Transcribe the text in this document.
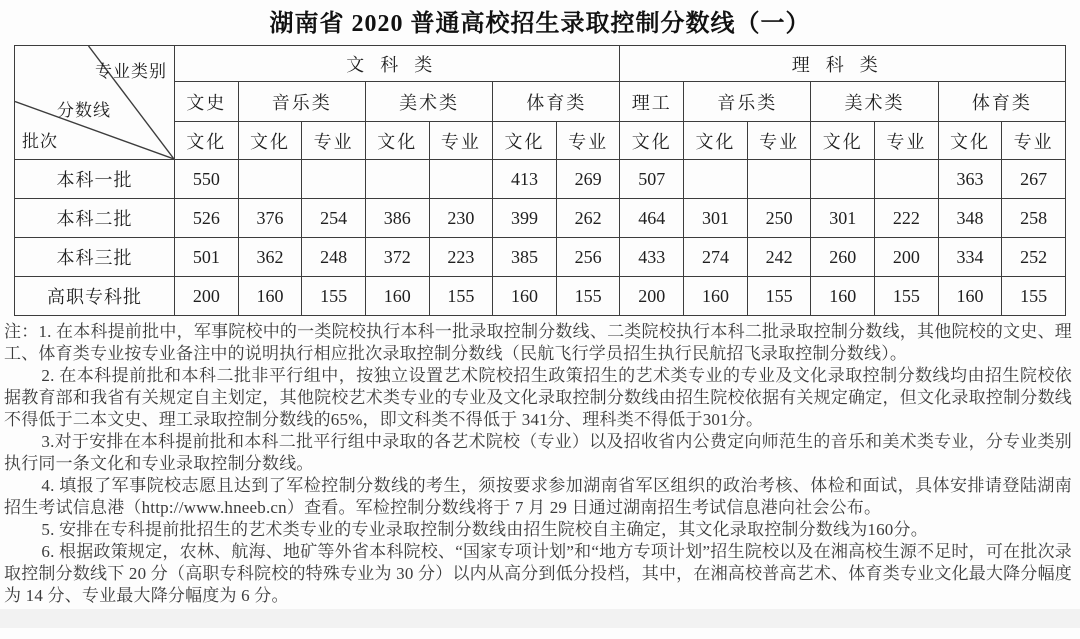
湖南省 2020 普通高校招生录取控制分数线（一）
专业类别
分数线
批次	文科类							理科类						
	文史	音乐类		美术类		体育类		理工	音乐类		美术类		体育类	
	文化	文化	专业	文化	专业	文化	专业	文化	文化	专业	文化	专业	文化	专业
本科一批	550					413	269	507					363	267
本科二批	526	376	254	386	230	399	262	464	301	250	301	222	348	258
本科三批	501	362	248	372	223	385	256	433	274	242	260	200	334	252
高职专科批	200	160	155	160	155	160	155	200	160	155	160	155	160	155

注：1. 在本科提前批中，军事院校中的一类院校执行本科一批录取控制分数线、二类院校执行本科二批录取控制分数线，其他院校的文史、理工、体育类专业按专业备注中的说明执行相应批次录取控制分数线（民航飞行学员招生执行民航招飞录取控制分数线）。

2. 在本科提前批和本科二批非平行组中，按独立设置艺术院校招生政策招生的艺术类专业的专业及文化录取控制分数线均由招生院校依据教育部和我省有关规定自主划定，其他院校艺术类专业的专业及文化录取控制分数线由招生院校依据有关规定确定，但文化录取控制分数线不得低于二本文史、理工录取控制分数线的65%，即文科类不得低于 341分、理科类不得低于301分。

3.对于安排在本科提前批和本科二批平行组中录取的各艺术院校（专业）以及招收省内公费定向师范生的音乐和美术类专业，分专业类别执行同一条文化和专业录取控制分数线。

4. 填报了军事院校志愿且达到了军检控制分数线的考生，须按要求参加湖南省军区组织的政治考核、体检和面试，具体安排请登陆湖南招生考试信息港（http://www.hneeb.cn）查看。军检控制分数线将于 7 月 29 日通过湖南招生考试信息港向社会公布。

5. 安排在专科提前批招生的艺术类专业的专业录取控制分数线由招生院校自主确定，其文化录取控制分数线为160分。

6. 根据政策规定，农林、航海、地矿等外省本科院校、“国家专项计划”和“地方专项计划”招生院校以及在湘高校生源不足时，可在批次录取控制分数线下 20 分（高职专科院校的特殊专业为 30 分）以内从高分到低分投档，其中，在湘高校普高艺术、体育类专业文化最大降分幅度为 14 分、专业最大降分幅度为 6 分。
